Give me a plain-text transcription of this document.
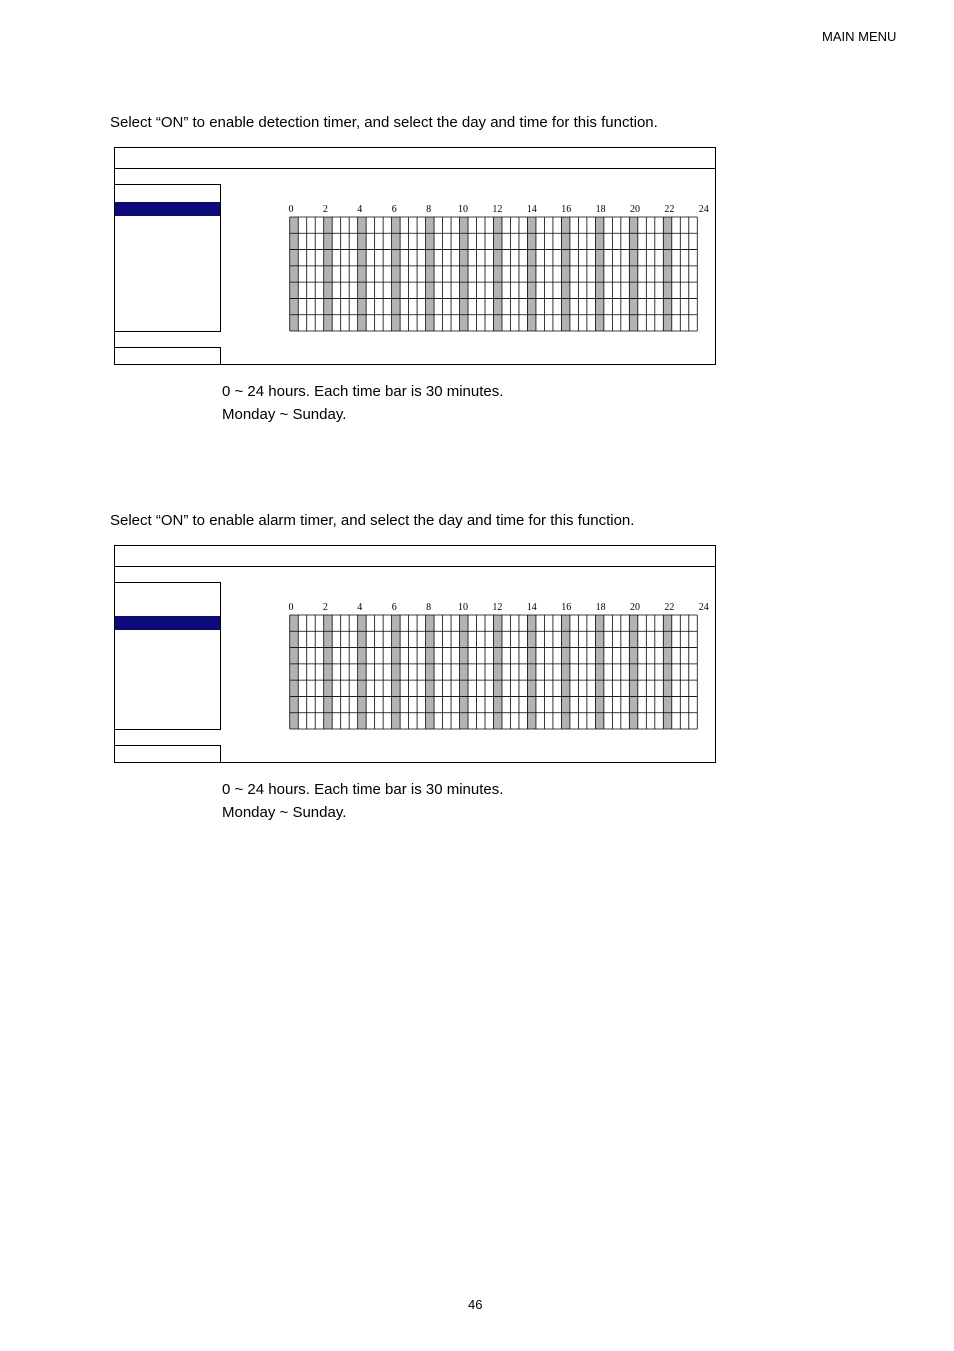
MAIN MENU
Select “ON” to enable detection timer, and select the day and time for this function.
0	2	4	6	8	10 12 14 16 18 20 22 24
0 ~ 24 hours. Each time bar is 30 minutes.
Monday ~ Sunday.
Select “ON” to enable alarm timer, and select the day and time for this function.
0	2	4	6	8	10 12 14 16 18 20 22 24
0 ~ 24 hours. Each time bar is 30 minutes.
Monday ~ Sunday.
46
